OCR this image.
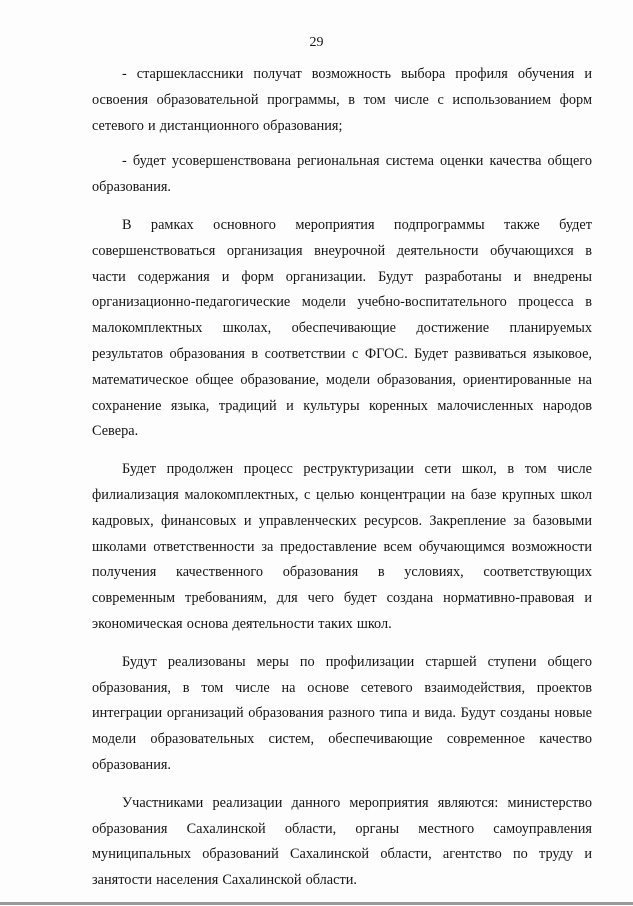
29

- старшеклассники получат возможность выбора профиля обучения и освоения образовательной программы, в том числе с использованием форм сетевого и дистанционного образования;

- будет усовершенствована региональная система оценки качества общего образования.

В рамках основного мероприятия подпрограммы также будет совершенствоваться организация внеурочной деятельности обучающихся в части содержания и форм организации. Будут разработаны и внедрены организационно-педагогические модели учебно-воспитательного процесса в малокомплектных школах, обеспечивающие достижение планируемых результатов образования в соответствии с ФГОС. Будет развиваться языковое, математическое общее образование, модели образования, ориентированные на сохранение языка, традиций и культуры коренных малочисленных народов Севера.

Будет продолжен процесс реструктуризации сети школ, в том числе филиализация малокомплектных, с целью концентрации на базе крупных школ кадровых, финансовых и управленческих ресурсов. Закрепление за базовыми школами ответственности за предоставление всем обучающимся возможности получения качественного образования в условиях, соответствующих современным требованиям, для чего будет создана нормативно-правовая и экономическая основа деятельности таких школ.

Будут реализованы меры по профилизации старшей ступени общего образования, в том числе на основе сетевого взаимодействия, проектов интеграции организаций образования разного типа и вида. Будут созданы новые модели образовательных систем, обеспечивающие современное качество образования.

Участниками реализации данного мероприятия являются: министерство образования Сахалинской области, органы местного самоуправления муниципальных образований Сахалинской области, агентство по труду и занятости населения Сахалинской области.
